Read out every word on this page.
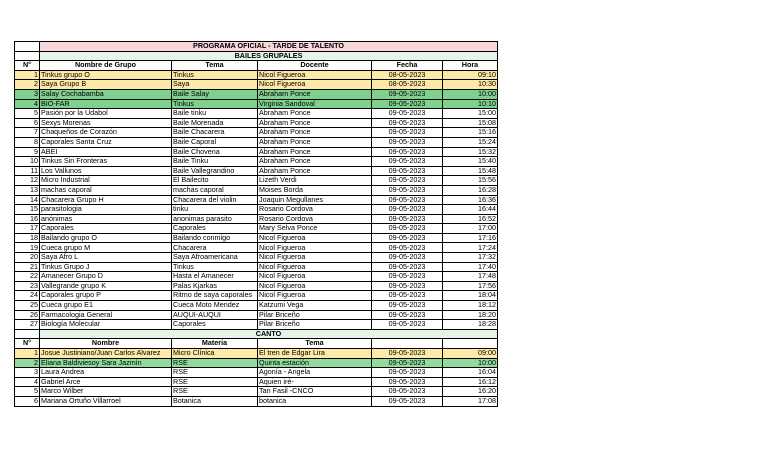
	PROGRAMA OFICIAL - TARDE DE TALENTO				
	BAILES GRUPALES				
N°	Nombre de Grupo	Tema	Docente	Fecha	Hora
1	Tinkus grupo O	Tinkus	Nicol Figueroa	08-05-2023	09:10
2	Saya Grupo B	Saya	Nicol Figueroa	08-05-2023	10:30
3	Salay Cochabamba	Baile Salay	Abraham Ponce	09-05-2023	10:00
4	BIO-FAR	Tinkus	Virginia Sandoval	09-05-2023	10:10
5	Pasión por la Udabol	Baile tinku	Abraham Ponce	09-05-2023	15:00
6	Sexys Morenas	Baile Morenada	Abraham Ponce	09-05-2023	15:08
7	Chaqueños de Corazón	Baile Chacarera	Abraham Ponce	09-05-2023	15:16
8	Caporales Santa Cruz	Baile Caporal	Abraham Ponce	09-05-2023	15:24
9	ABEI	Baile Chovena	Abraham Ponce	09-05-2023	15:32
10	Tinkus Sin Fronteras	Baile Tinku	Abraham Ponce	09-05-2023	15:40
11	Los Vallunos	Baile Vallegrandino	Abraham Ponce	09-05-2023	15:48
12	Micro Industrial	El Bailecito	Lizeth Verdi	09-05-2023	15:56
13	machas caporal	machas caporal	Moises Borda	09-05-2023	16:28
14	Chacarera Grupo H	Chacarera del violin	Joaquin Megullanes	09-05-2023	16:36
15	parasitologia	tinku	Rosario Cordova	09-05-2023	16:44
16	anónimas	anonimas parasito	Rosario Cordova	09-05-2023	16:52
17	Caporales	Caporales	Mary Selva Ponce	09-05-2023	17:00
18	Bailando grupo O	Bailando conmigo	Nicol Figueroa	09-05-2023	17:16
19	Cueca grupo M	Chacarera	Nicol Figueroa	09-05-2023	17:24
20	Saya Afro L	Saya Afroamericana	Nicol Figueroa	09-05-2023	17:32
21	Tinkus Grupo J	Tinkus	Nicol Figueroa	09-05-2023	17:40
22	Amanecer Grupo D	Hasta el Amanecer	Nicol Figueroa	09-05-2023	17:48
23	Vallegrande grupo K	Palas Kjarkas	Nicol Figueroa	09-05-2023	17:56
24	Caporales grupo P	Ritmo de saya caporales	Nicol Figueroa	09-05-2023	18:04
25	Cueca grupo E1	Cueca Moto Mendez	Katzumi Vega	09-05-2023	18:12
26	Farmacologia General	AUQUI-AUQUI	Pilar Briceño	09-05-2023	18:20
27	Biología Molecular	Caporales	Pilar Briceño	09-05-2023	18:28
	CANTO				
N°	Nombre	Materia	Tema		
1	Josue Justiniano/Juan Carlos Alvarez	Micro Clínica	El tren de Edgar Lira	09-05-2023	09:00
2	Eliana Baldiviesoy Sara Jazmín	RSE	Quinta estación	09-05-2023	10:00
3	Laura Andrea	RSE	Agonía - Angela	09-05-2023	16:04
4	Gabriel Arce	RSE	Aquien iré-	09-05-2023	16:12
5	Marco Wilber	RSE	Tan Fasil -CNCO	09-05-2023	16:20
6	Mariana Ortuño Villarroel	Botanica	botanica	09-05-2023	17:08
